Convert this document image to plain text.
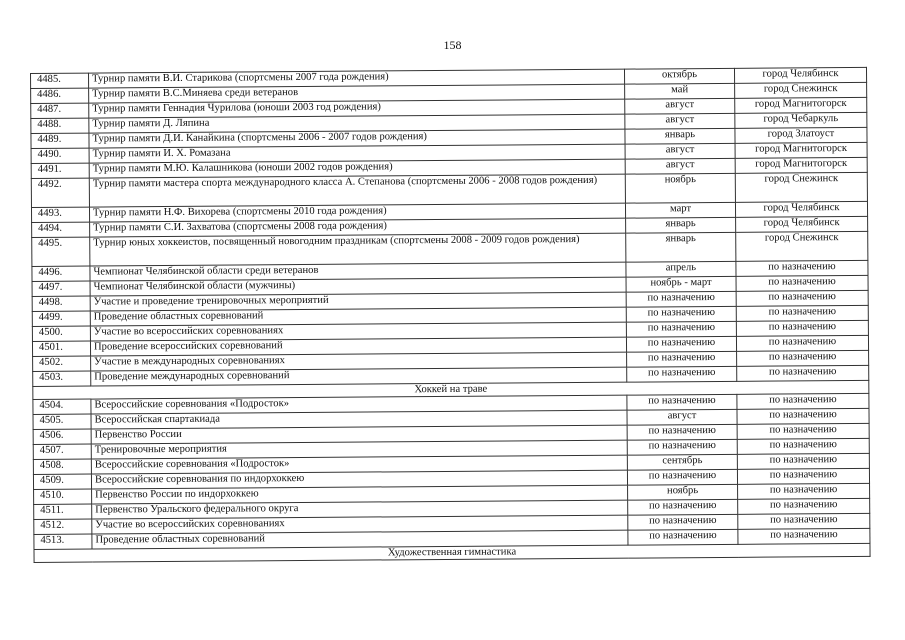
158
4485.	Турнир памяти В.И. Старикова (спортсмены 2007 года рождения)	октябрь	город Челябинск
4486.	Турнир памяти В.С.Миняева среди ветеранов	май	город Снежинск
4487.	Турнир памяти Геннадия Чурилова (юноши 2003 год рождения)	август	город Магнитогорск
4488.	Турнир памяти Д. Ляпина	август	город Чебаркуль
4489.	Турнир памяти Д.И. Канайкина (спортсмены 2006 - 2007 годов рождения)	январь	город Златоуст
4490.	Турнир памяти И. Х. Ромазана	август	город Магнитогорск
4491.	Турнир памяти М.Ю. Калашникова (юноши 2002 годов рождения)	август	город Магнитогорск
4492.	Турнир памяти мастера спорта международного класса А. Степанова (спортсмены 2006 - 2008 годов рождения)	ноябрь	город Снежинск
4493.	Турнир памяти Н.Ф. Вихорева (спортсмены 2010 года рождения)	март	город Челябинск
4494.	Турнир памяти С.И. Захватова (спортсмены 2008 года рождения)	январь	город Челябинск
4495.	Турнир юных хоккеистов, посвященный новогодним праздникам (спортсмены 2008 - 2009 годов рождения)	январь	город Снежинск
4496.	Чемпионат Челябинской области среди ветеранов	апрель	по назначению
4497.	Чемпионат Челябинской области (мужчины)	ноябрь - март	по назначению
4498.	Участие и проведение тренировочных мероприятий	по назначению	по назначению
4499.	Проведение областных соревнований	по назначению	по назначению
4500.	Участие во всероссийских соревнованиях	по назначению	по назначению
4501.	Проведение всероссийских соревнований	по назначению	по назначению
4502.	Участие в международных соревнованиях	по назначению	по назначению
4503.	Проведение международных соревнований	по назначению	по назначению
Хоккей на траве			
4504.	Всероссийские соревнования «Подросток»	по назначению	по назначению
4505.	Всероссийская спартакиада	август	по назначению
4506.	Первенство России	по назначению	по назначению
4507.	Тренировочные мероприятия	по назначению	по назначению
4508.	Всероссийские соревнования «Подросток»	сентябрь	по назначению
4509.	Всероссийские соревнования по индорхоккею	по назначению	по назначению
4510.	Первенство России по индорхоккею	ноябрь	по назначению
4511.	Первенство Уральского федерального округа	по назначению	по назначению
4512.	Участие во всероссийских соревнованиях	по назначению	по назначению
4513.	Проведение областных соревнований	по назначению	по назначению
Художественная гимнастика			
